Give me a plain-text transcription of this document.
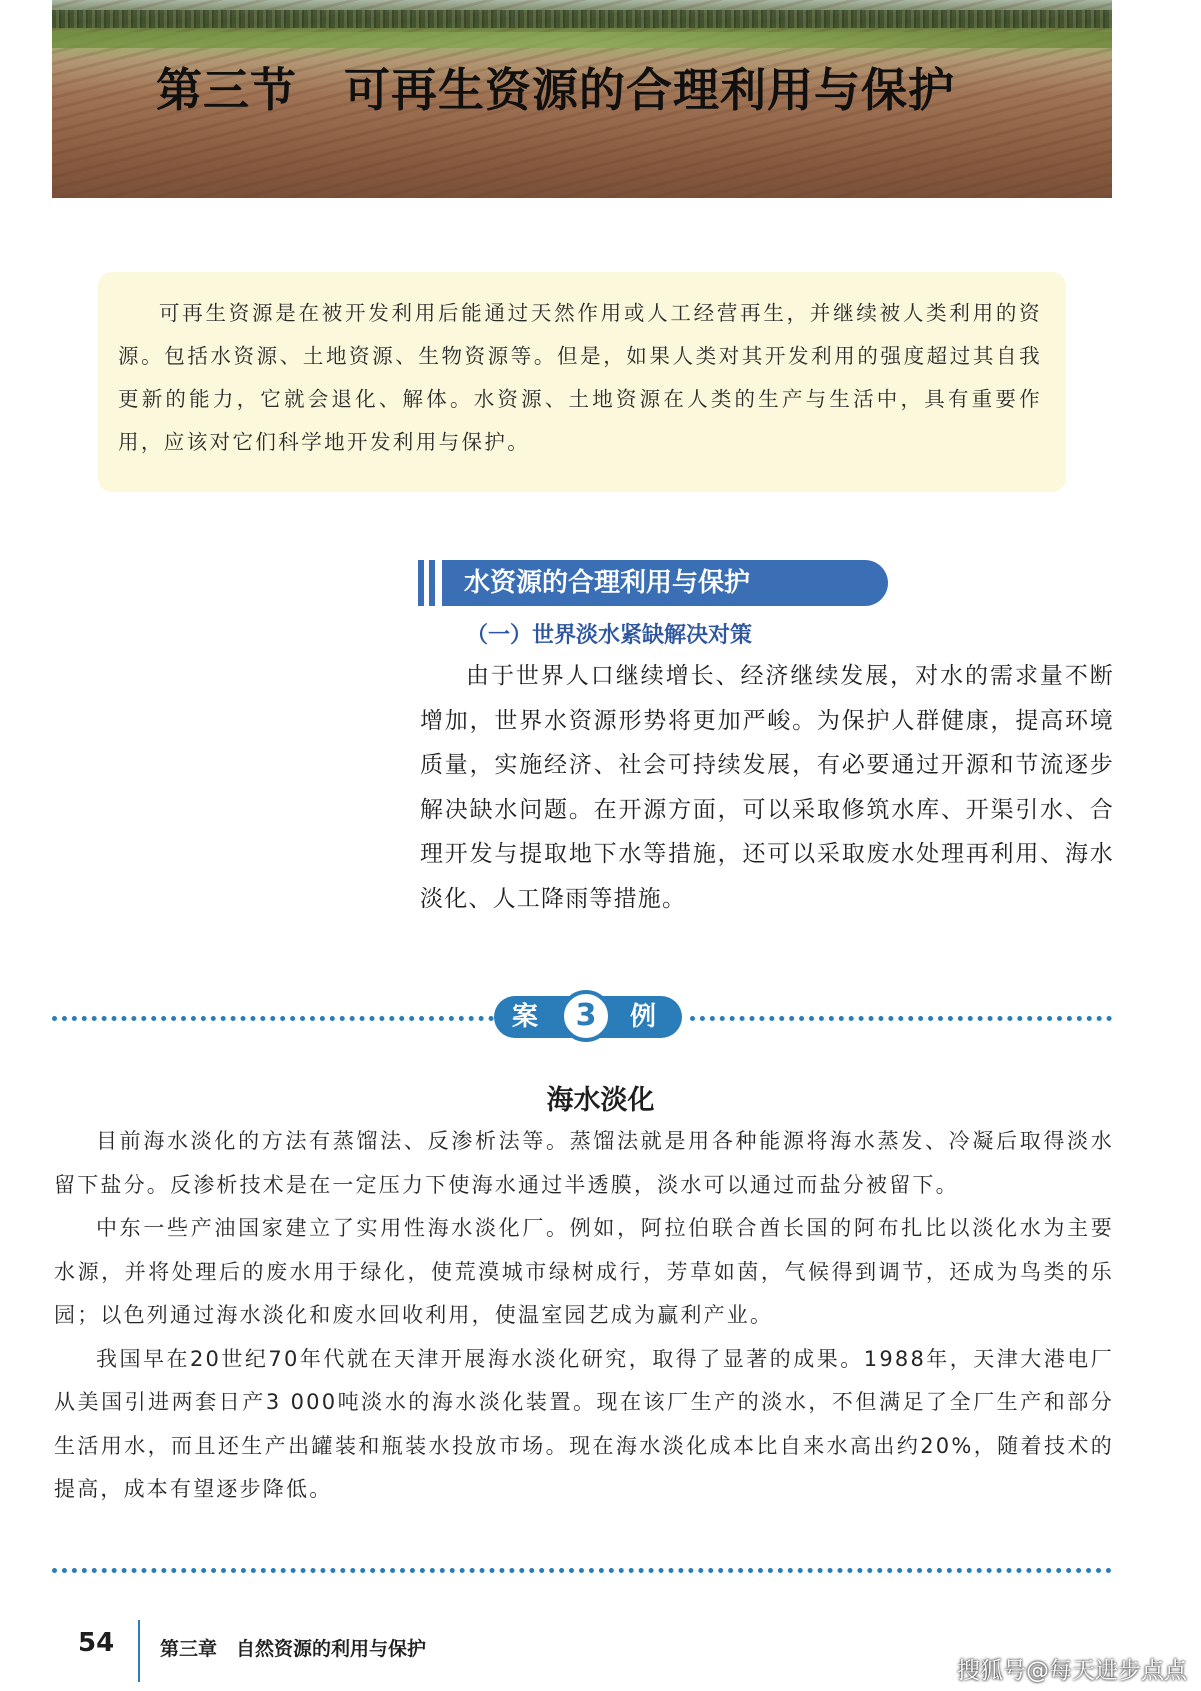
第三节　可再生资源的合理利用与保护

可再生资源是在被开发利用后能通过天然作用或人工经营再生，并继续被人类利用的资源。包括水资源、土地资源、生物资源等。但是，如果人类对其开发利用的强度超过其自我更新的能力，它就会退化、解体。水资源、土地资源在人类的生产与生活中，具有重要作用，应该对它们科学地开发利用与保护。

水资源的合理利用与保护
（一）世界淡水紧缺解决对策

由于世界人口继续增长、经济继续发展，对水的需求量不断增加，世界水资源形势将更加严峻。为保护人群健康，提高环境质量，实施经济、社会可持续发展，有必要通过开源和节流逐步解决缺水问题。在开源方面，可以采取修筑水库、开渠引水、合理开发与提取地下水等措施，还可以采取废水处理再利用、海水淡化、人工降雨等措施。

案	3	例
海水淡化

目前海水淡化的方法有蒸馏法、反渗析法等。蒸馏法就是用各种能源将海水蒸发、冷凝后取得淡水留下盐分。反渗析技术是在一定压力下使海水通过半透膜，淡水可以通过而盐分被留下。

中东一些产油国家建立了实用性海水淡化厂。例如，阿拉伯联合酋长国的阿布扎比以淡化水为主要水源，并将处理后的废水用于绿化，使荒漠城市绿树成行，芳草如茵，气候得到调节，还成为鸟类的乐园；以色列通过海水淡化和废水回收利用，使温室园艺成为赢利产业。

我国早在20世纪70年代就在天津开展海水淡化研究，取得了显著的成果。1988年，天津大港电厂从美国引进两套日产3 000吨淡水的海水淡化装置。现在该厂生产的淡水，不但满足了全厂生产和部分生活用水，而且还生产出罐装和瓶装水投放市场。现在海水淡化成本比自来水高出约20%，随着技术的提高，成本有望逐步降低。

54 第三章　自然资源的利用与保护
搜狐号@每天进步点点
